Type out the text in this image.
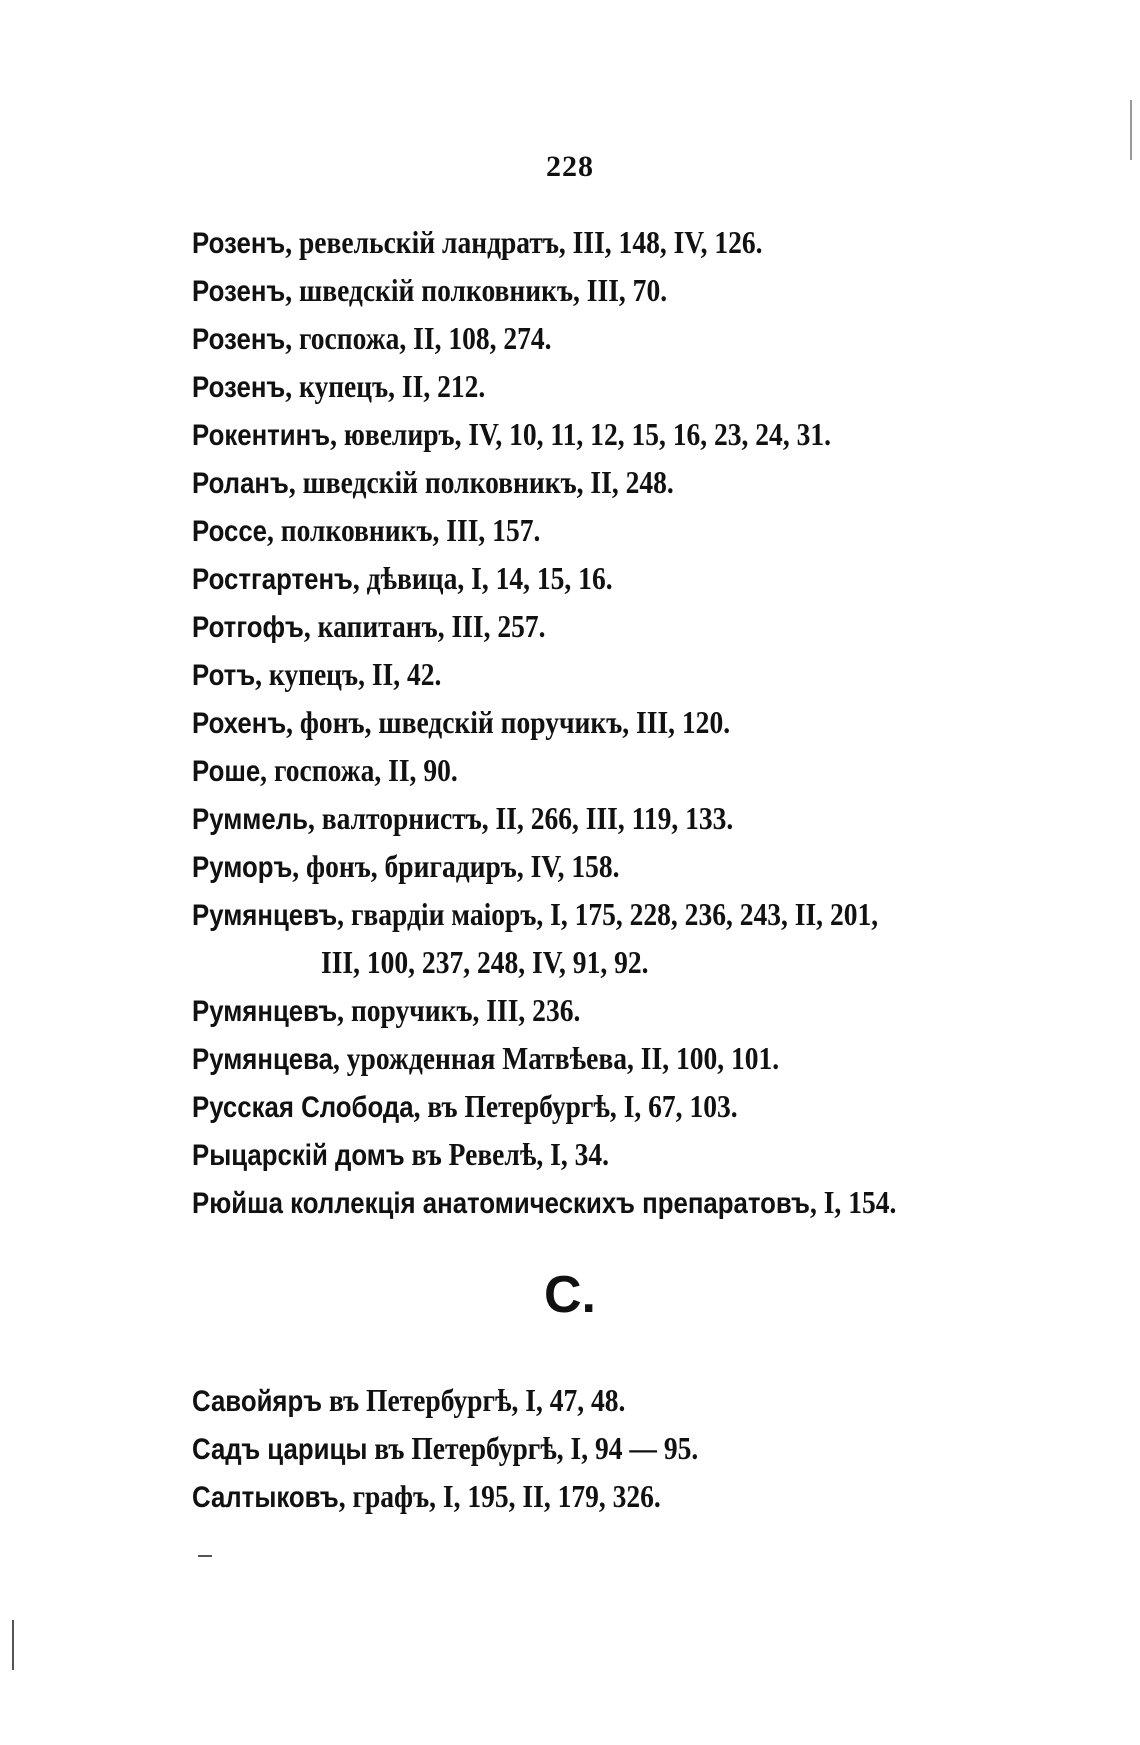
228
Розенъ, ревельскій ландратъ, III, 148, IV, 126.
Розенъ, шведскій полковникъ, III, 70.
Розенъ, госпожа, II, 108, 274.
Розенъ, купецъ, II, 212.
Рокентинъ, ювелиръ, IV, 10, 11, 12, 15, 16, 23, 24, 31.
Роланъ, шведскій полковникъ, II, 248.
Россе, полковникъ, III, 157.
Ростгартенъ, дѣвица, I, 14, 15, 16.
Ротгофъ, капитанъ, III, 257.
Ротъ, купецъ, II, 42.
Рохенъ, фонъ, шведскій поручикъ, III, 120.
Роше, госпожа, II, 90.
Руммель, валторнистъ, II, 266, III, 119, 133.
Руморъ, фонъ, бригадиръ, IV, 158.
Румянцевъ, гвардіи маіоръ, I, 175, 228, 236, 243, II, 201,
III, 100, 237, 248, IV, 91, 92.
Румянцевъ, поручикъ, III, 236.
Румянцева, урожденная Матвѣева, II, 100, 101.
Русская Слобода, въ Петербургѣ, I, 67, 103.
Рыцарскій домъ въ Ревелѣ, I, 34.
Рюйша коллекція анатомическихъ препаратовъ, I, 154.
С.
Савойяръ въ Петербургѣ, I, 47, 48.
Садъ царицы въ Петербургѣ, I, 94 — 95.
Салтыковъ, графъ, I, 195, II, 179, 326.
